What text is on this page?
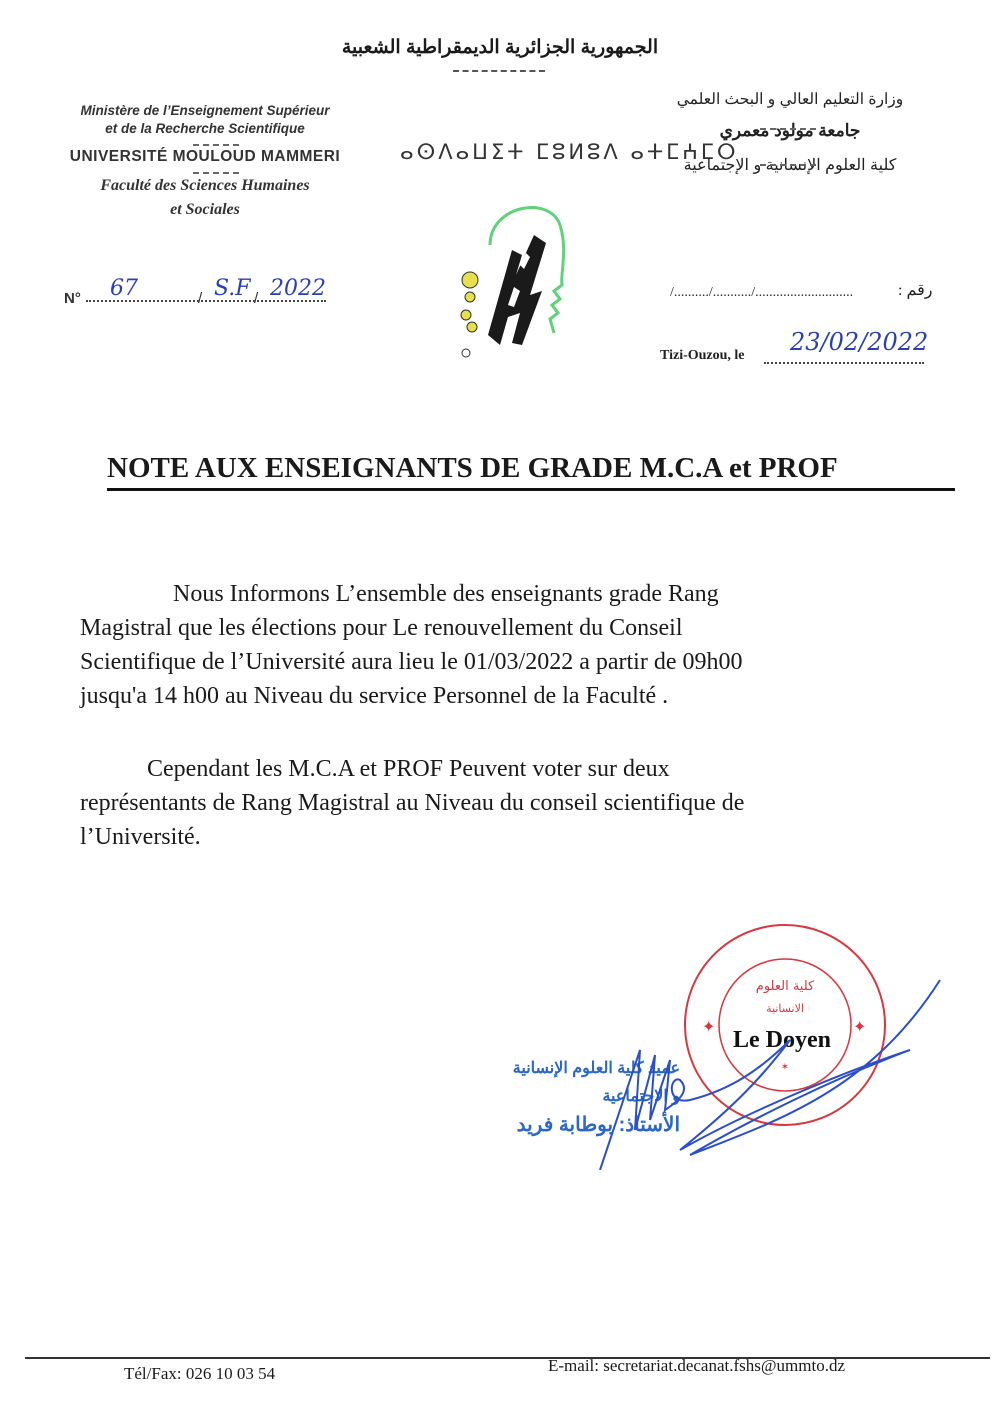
الجمهورية الجزائرية الديمقراطية الشعبية
Ministère de l’Enseignement Supérieur
et de la Recherche Scientifique
UNIVERSITÉ MOULOUD MAMMERI
Faculté des Sciences Humaines
et Sociales
ⴰⵙⴷⴰⵡⵉⵜ ⵎⵓⵍⵓⴷ ⴰⵜⵎⵄⵎⵔ
وزارة التعليم العالي و البحث العلمي
جامعة مولود معمري
كلية العلوم الإنسانية و الإجتماعية
N° 67	/ S.F / 2022	رقم :
/........../.........../............................
Tizi-Ouzou, le 23/02/2022
NOTE AUX ENSEIGNANTS DE GRADE M.C.A et PROF
Nous Informons L’ensemble des enseignants grade Rang
Magistral que les élections pour Le renouvellement du Conseil
Scientifique de l’Université aura lieu le 01/03/2022 a partir de 09h00
jusqu'a 14 h00 au Niveau du service Personnel de la Faculté .
Cependant les M.C.A et PROF Peuvent voter sur deux
représentants de Rang Magistral au Niveau du conseil scientifique de
l’Université.
✦	✦
كلية العلوم
الانسانية
✶
Le Doyen
عميد كلية العلوم الإنسانية
و الاجتماعية
الأستاذ: بوطابة فريد
Tél/Fax: 026 10 03 54	E-mail: secretariat.decanat.fshs@ummto.dz
